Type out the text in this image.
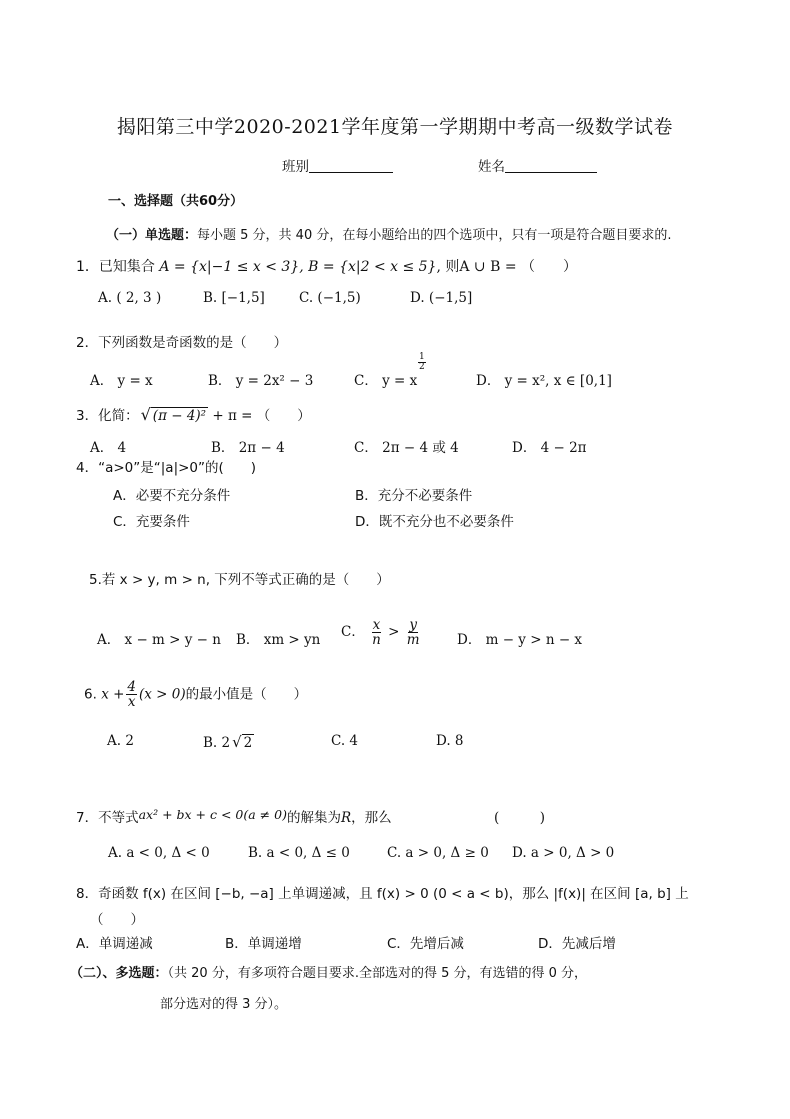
揭阳第三中学2020-2021学年度第一学期期中考高一级数学试卷
班别	姓名
一、选择题（共60分）
（一）单选题：每小题 5 分，共 40 分，在每小题给出的四个选项中，只有一项是符合题目要求的.
1．已知集合 A = {x|−1 ≤ x < 3}, B = {x|2 < x ≤ 5}, 则A ∪ B = （　　）
A. ( 2, 3 )	B. [−1,5]	C. (−1,5)	D. (−1,5]
2．下列函数是奇函数的是（　　）
A． y = x	B． y = 2x² − 3	C． y = x
$\frac{1}{2}$
D． y = x², x ∈ [0,1]
3．化简： √ (π − 4)² + π = （　　）
A． 4	B． 2π − 4	C． 2π − 4 或 4	D． 4 − 2π
4．“a>0”是“|a|>0”的(　　)
A．必要不充分条件	B．充分不必要条件
C．充要条件	D．既不充分也不必要条件
5.若 x > y, m > n, 下列不等式正确的是（　　）
A． x − m > y − n B． xm > yn C． $\frac{x}{n} > \frac{y}{m}$	D． m − y > n − x
6. $x + \frac{4}{x} (x > 0)$的最小值是（　　）
A. 2	B. 2 √ 2	C. 4	D. 8
7．不等式ax² + bx + c < 0(a ≠ 0)的解集为R，那么	(　　　)
A. a < 0, Δ < 0	B. a < 0, Δ ≤ 0	C. a > 0, Δ ≥ 0 D. a > 0, Δ > 0
8．奇函数 f(x) 在区间 [−b, −a] 上单调递减，且 f(x) > 0 (0 < a < b)，那么 |f(x)| 在区间 [a, b] 上
（　　）
A．单调递减	B．单调递增	C．先增后减	D．先减后增
（二）、多选题：（共 20 分，有多项符合题目要求.全部选对的得 5 分，有选错的得 0 分，
部分选对的得 3 分）。
